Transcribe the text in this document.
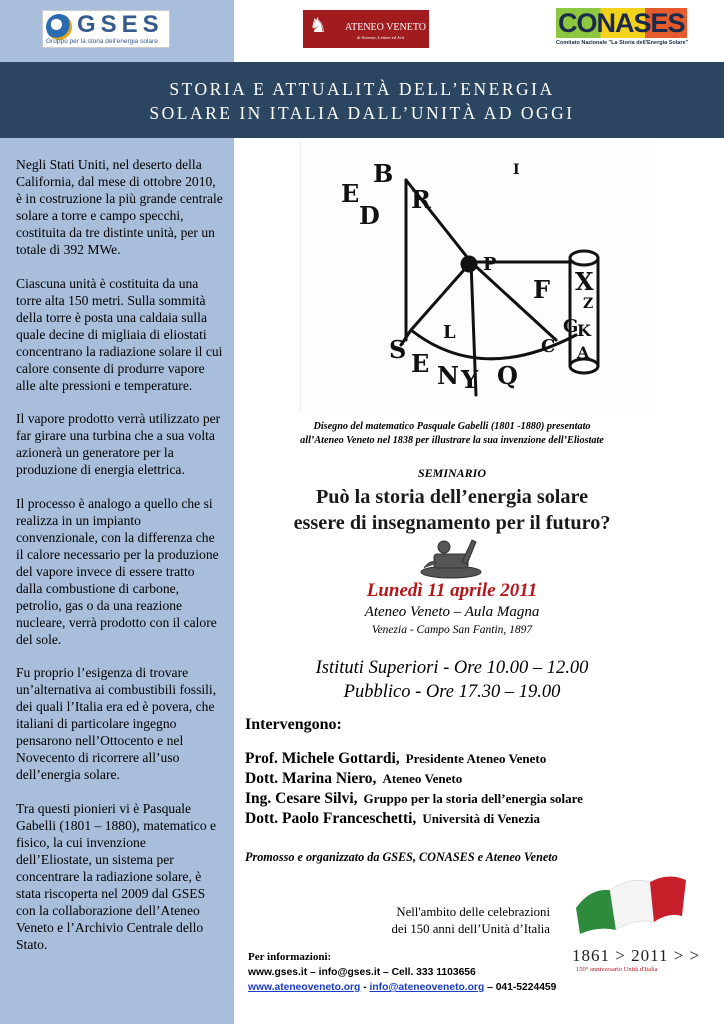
GSES
Gruppo per la storia dell'energia solare
♞ ATENEO VENETO
di Scienze, Lettere ed Arti	CONASES
Comitato Nazionale "La Storia dell'Energia Solare"
STORIA E ATTUALITÀ DELL’ENERGIA
SOLARE IN ITALIA DALL’UNITÀ AD OGGI

Negli Stati Uniti, nel deserto della California, dal mese di ottobre 2010, è in costruzione la più grande centrale solare a torre e campo specchi, costituita da tre distinte unità, per un totale di 392 MWe.

Ciascuna unità è costituita da una torre alta 150 metri. Sulla sommità della torre è posta una caldaia sulla quale decine di migliaia di eliostati concentrano la radiazione solare il cui calore consente di produrre vapore alle alte pressioni e temperature.

Il vapore prodotto verrà utilizzato per far girare una turbina che a sua volta azionerà un generatore per la produzione di energia elettrica.

Il processo è analogo a quello che si realizza in un impianto convenzionale, con la differenza che il calore necessario per la produzione del vapore invece di essere tratto dalla combustione di carbone, petrolio, gas o da una reazione nucleare, verrà prodotto con il calore del sole.

Fu proprio l’esigenza di trovare un’alternativa ai combustibili fossili, dei quali l’Italia era ed è povera, che italiani di particolare ingegno pensarono nell’Ottocento e nel Novecento di ricorrere all’uso dell’energia solare.

Tra questi pionieri vi è Pasquale Gabelli (1801 – 1880), matematico e fisico, la cui invenzione dell’Eliostate, un sistema per concentrare la radiazione solare, è stata riscoperta nel 2009 dal GSES con la collaborazione dell’Ateneo Veneto e l’Archivio Centrale dello Stato.

E
B
R
D
I
P
F X
L	G
S E N Y Q
C
K
A
Z
Disegno del matematico Pasquale Gabelli (1801 -1880) presentato
all’Ateneo Veneto nel 1838 per illustrare la sua invenzione dell’Eliostate
SEMINARIO
Può la storia dell’energia solare
essere di insegnamento per il futuro?
Lunedì 11 aprile 2011
Ateneo Veneto – Aula Magna
Venezia - Campo San Fantin, 1897
Istituti Superiori - Ore 10.00 – 12.00
Pubblico - Ore 17.30 – 19.00
Intervengono:
Prof. Michele Gottardi, Presidente Ateneo Veneto
Dott. Marina Niero, Ateneo Veneto
Ing. Cesare Silvi, Gruppo per la storia dell’energia solare
Dott. Paolo Franceschetti, Università di Venezia
Promosso e organizzato da GSES, CONASES e Ateneo Veneto
Nell'ambito delle celebrazioni
dei 150 anni dell’Unità d’Italia
1861 > 2011 > >
150° anniversario Unità d'Italia
Per informazioni:
www.gses.it – info@gses.it – Cell. 333 1103656
www.ateneoveneto.org - info@ateneoveneto.org – 041-5224459
